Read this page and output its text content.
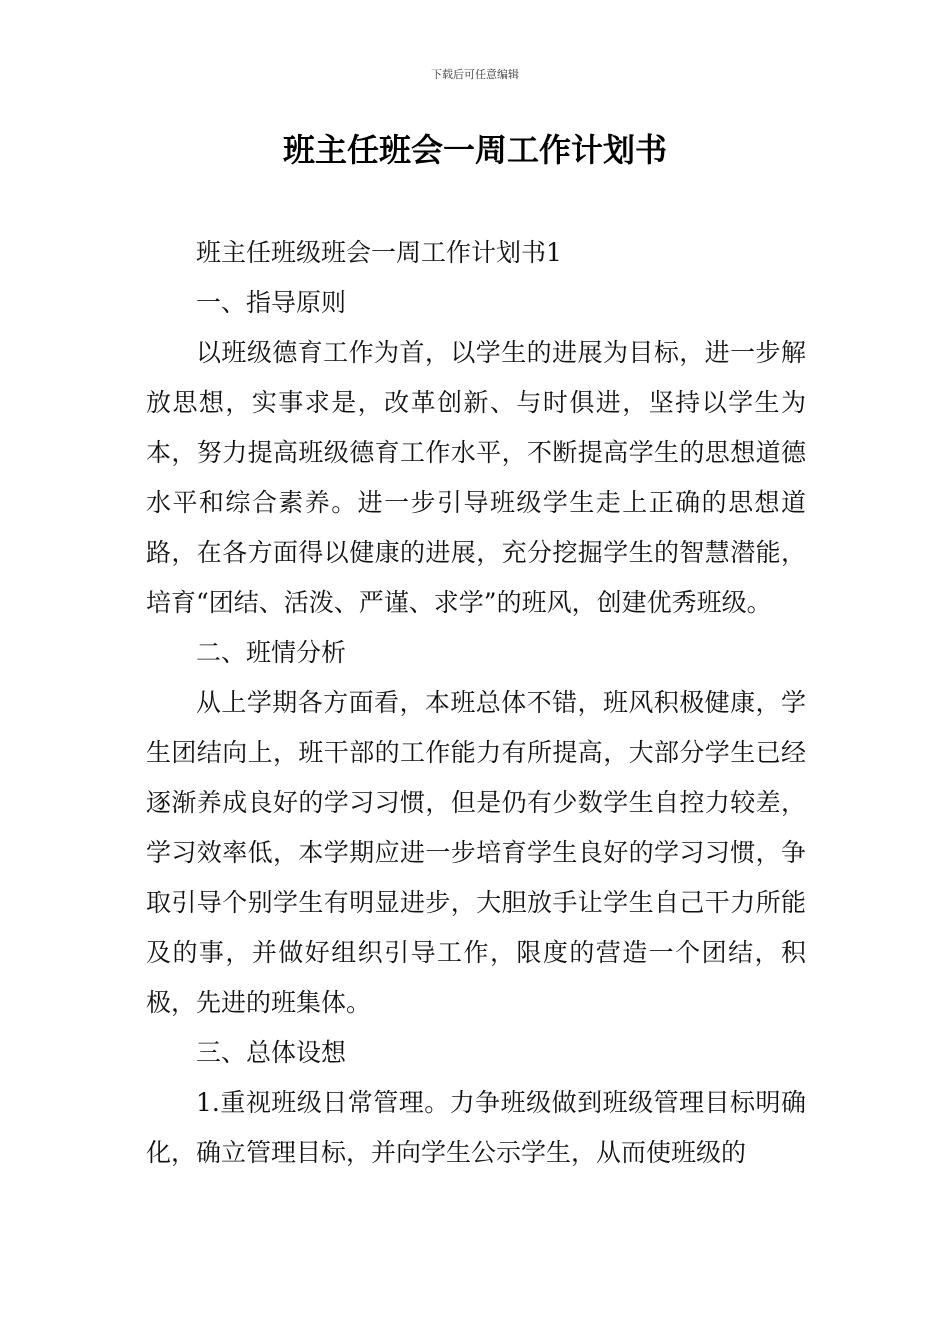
下载后可任意编辑
班主任班会一周工作计划书

班主任班级班会一周工作计划书1

一、指导原则

以班级德育工作为首，以学生的进展为目标，进一步解放思想，实事求是，改革创新、与时俱进，坚持以学生为本，努力提高班级德育工作水平，不断提高学生的思想道德水平和综合素养。进一步引导班级学生走上正确的思想道路，在各方面得以健康的进展，充分挖掘学生的智慧潜能，培育“团结、活泼、严谨、求学”的班风，创建优秀班级。

二、班情分析

从上学期各方面看，本班总体不错，班风积极健康，学生团结向上，班干部的工作能力有所提高，大部分学生已经逐渐养成良好的学习习惯，但是仍有少数学生自控力较差，学习效率低，本学期应进一步培育学生良好的学习习惯，争取引导个别学生有明显进步，大胆放手让学生自己干力所能及的事，并做好组织引导工作，限度的营造一个团结，积极，先进的班集体。

三、总体设想

1.重视班级日常管理。力争班级做到班级管理目标明确化，确立管理目标，并向学生公示学生，从而使班级的
